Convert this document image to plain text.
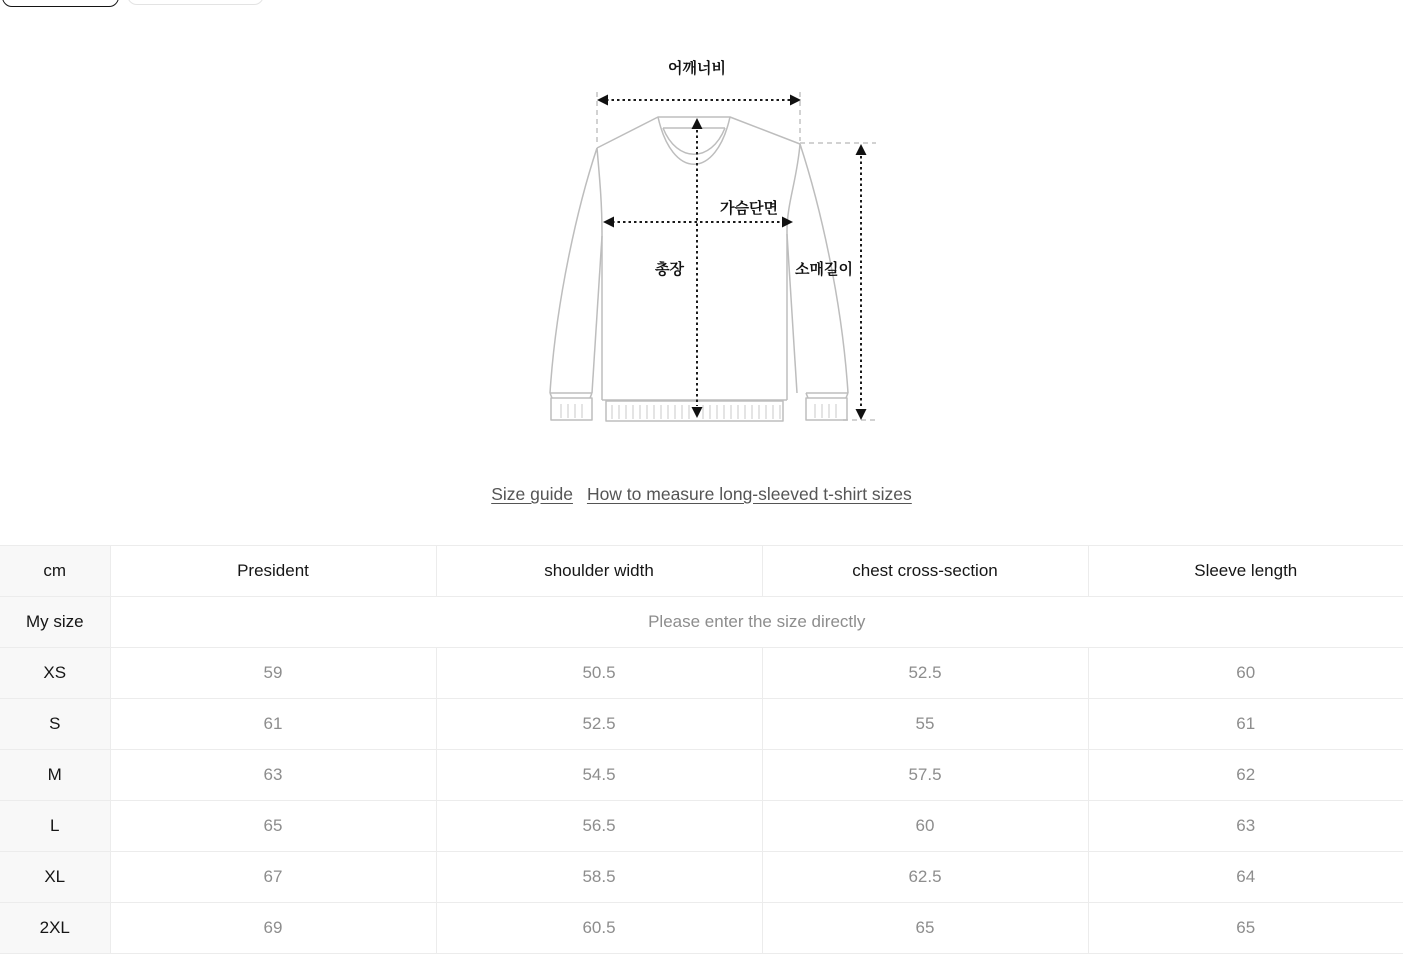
어깨너비
가슴단면
총장	소매길이
Size guide How to measure long-sleeved t-shirt sizes
cm	President	shoulder width	chest cross-section	Sleeve length
My size	Please enter the size directly			
XS	59	50.5	52.5	60
S	61	52.5	55	61
M	63	54.5	57.5	62
L	65	56.5	60	63
XL	67	58.5	62.5	64
2XL	69	60.5	65	65
